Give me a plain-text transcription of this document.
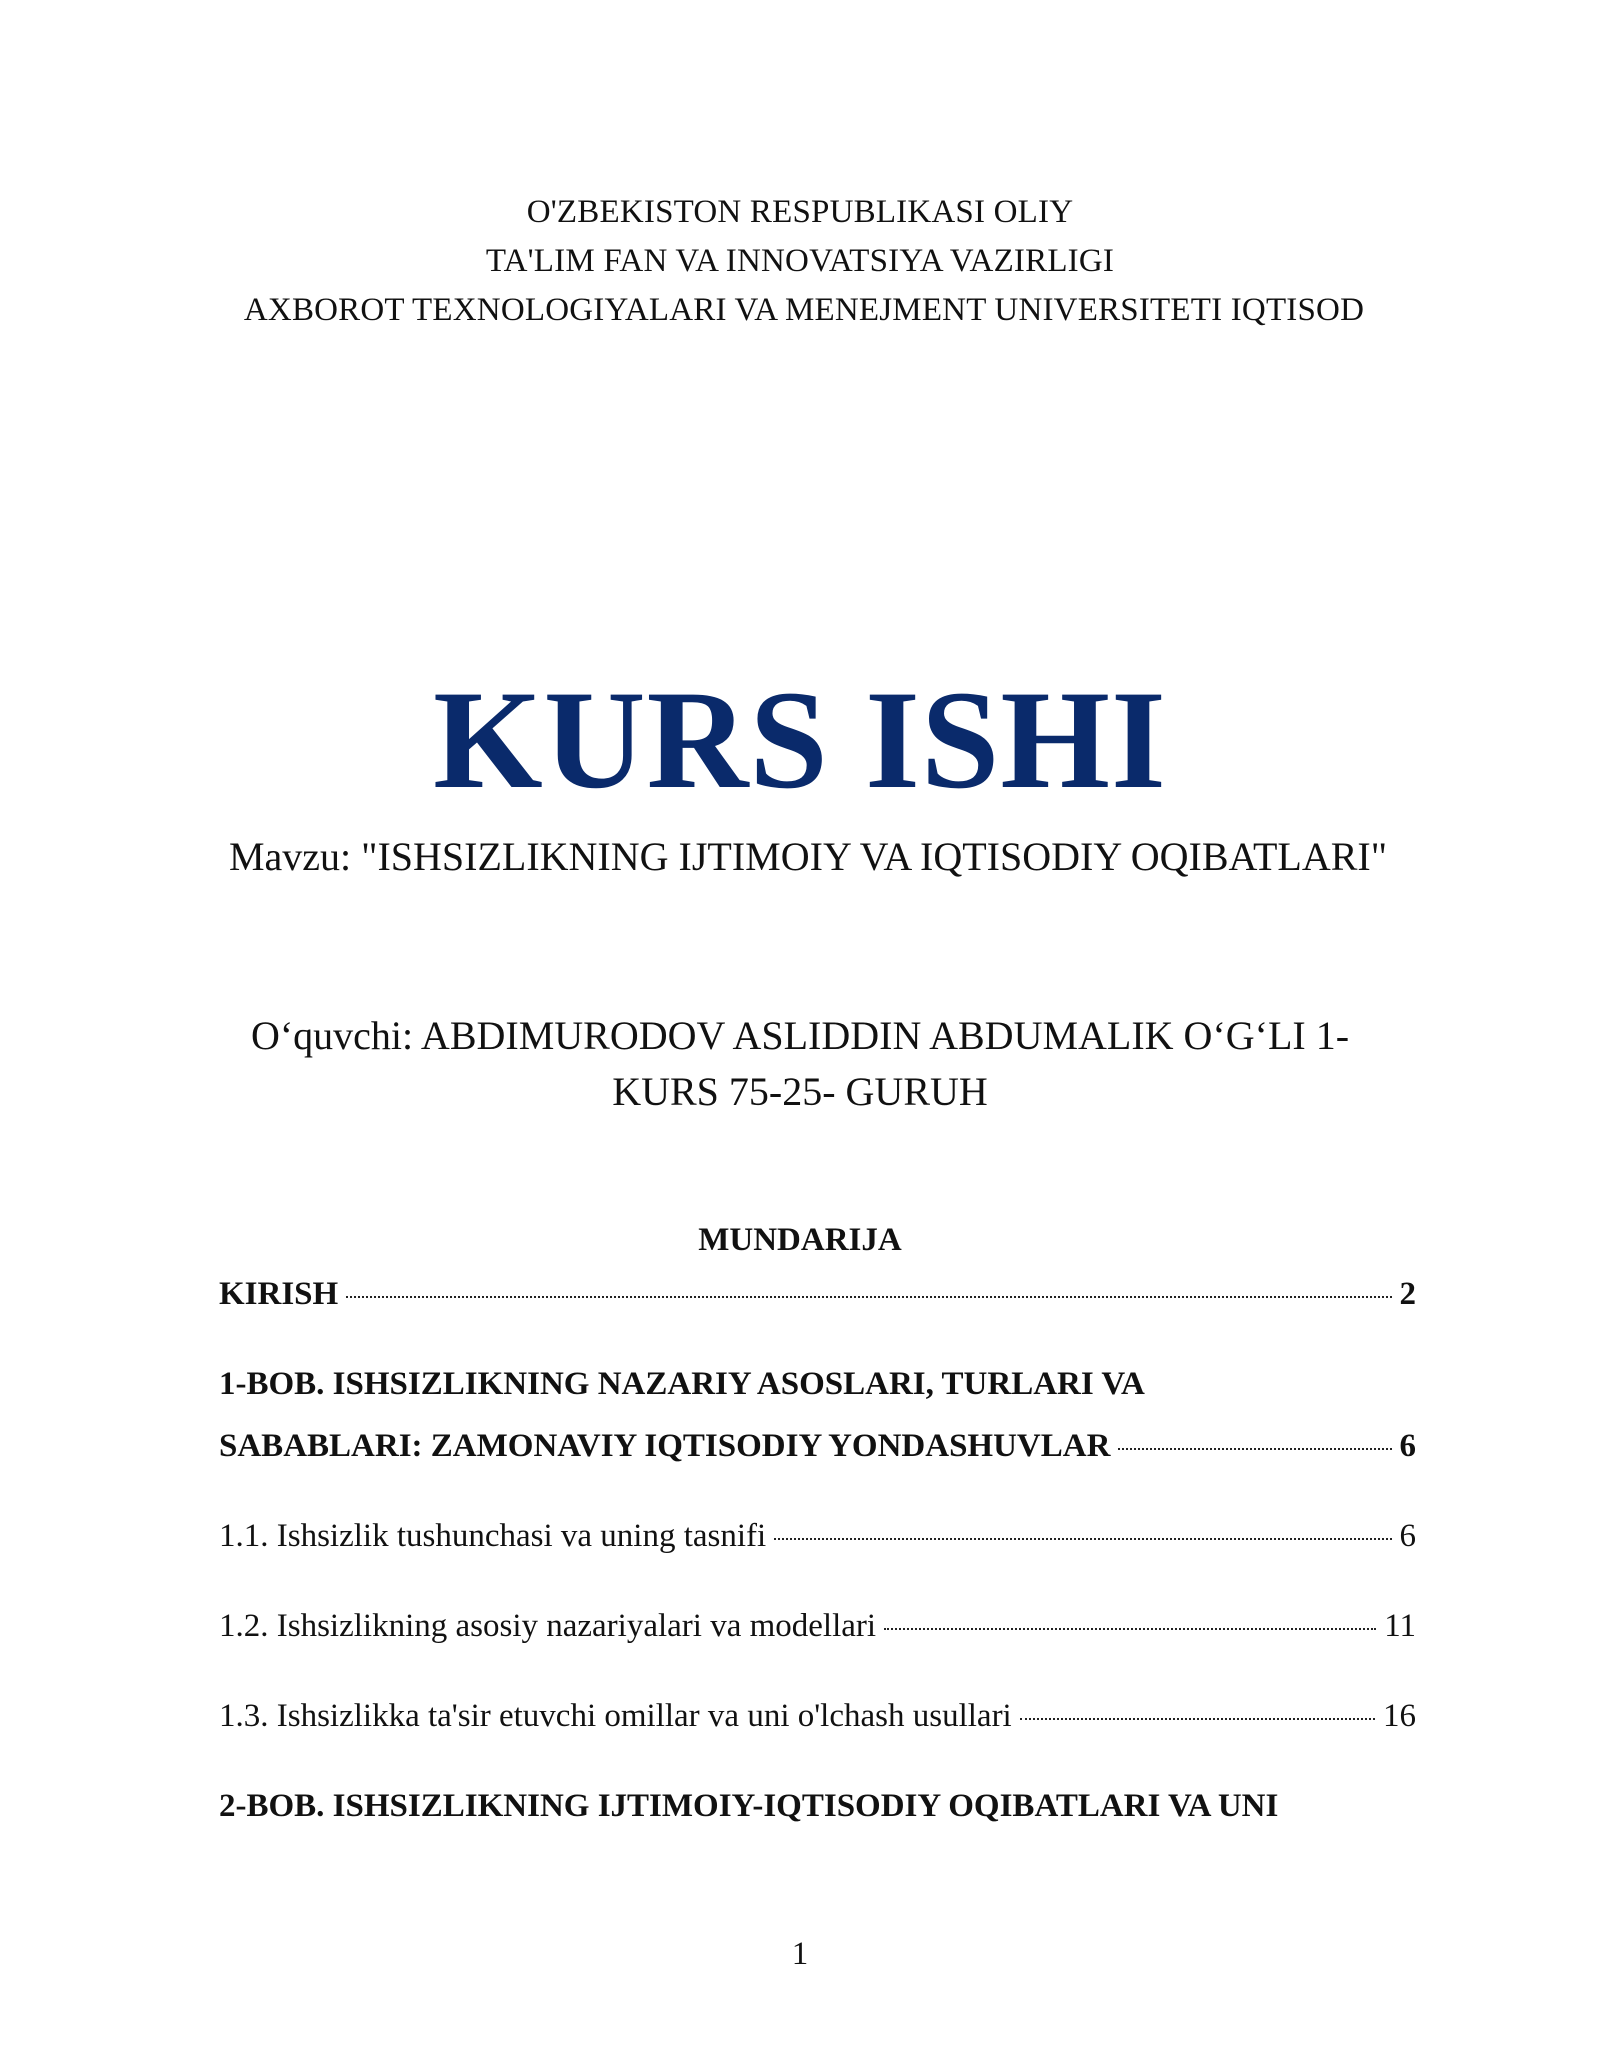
O'ZBEKISTON RESPUBLIKASI OLIY
TA'LIM FAN VA INNOVATSIYA VAZIRLIGI
AXBOROT TEXNOLOGIYALARI VA MENEJMENT UNIVERSITETI IQTISOD
KURS ISHI
Mavzu: "ISHSIZLIKNING IJTIMOIY VA IQTISODIY OQIBATLARI"
O‘quvchi: ABDIMURODOV ASLIDDIN ABDUMALIK O‘G‘LI 1-
KURS 75-25- GURUH
MUNDARIJA
KIRISH	2
1-BOB. ISHSIZLIKNING NAZARIY ASOSLARI, TURLARI VA
SABABLARI: ZAMONAVIY IQTISODIY YONDASHUVLAR	6
1.1. Ishsizlik tushunchasi va uning tasnifi	6
1.2. Ishsizlikning asosiy nazariyalari va modellari	11
1.3. Ishsizlikka ta'sir etuvchi omillar va uni o'lchash usullari	16
2-BOB. ISHSIZLIKNING IJTIMOIY-IQTISODIY OQIBATLARI VA UNI
1
